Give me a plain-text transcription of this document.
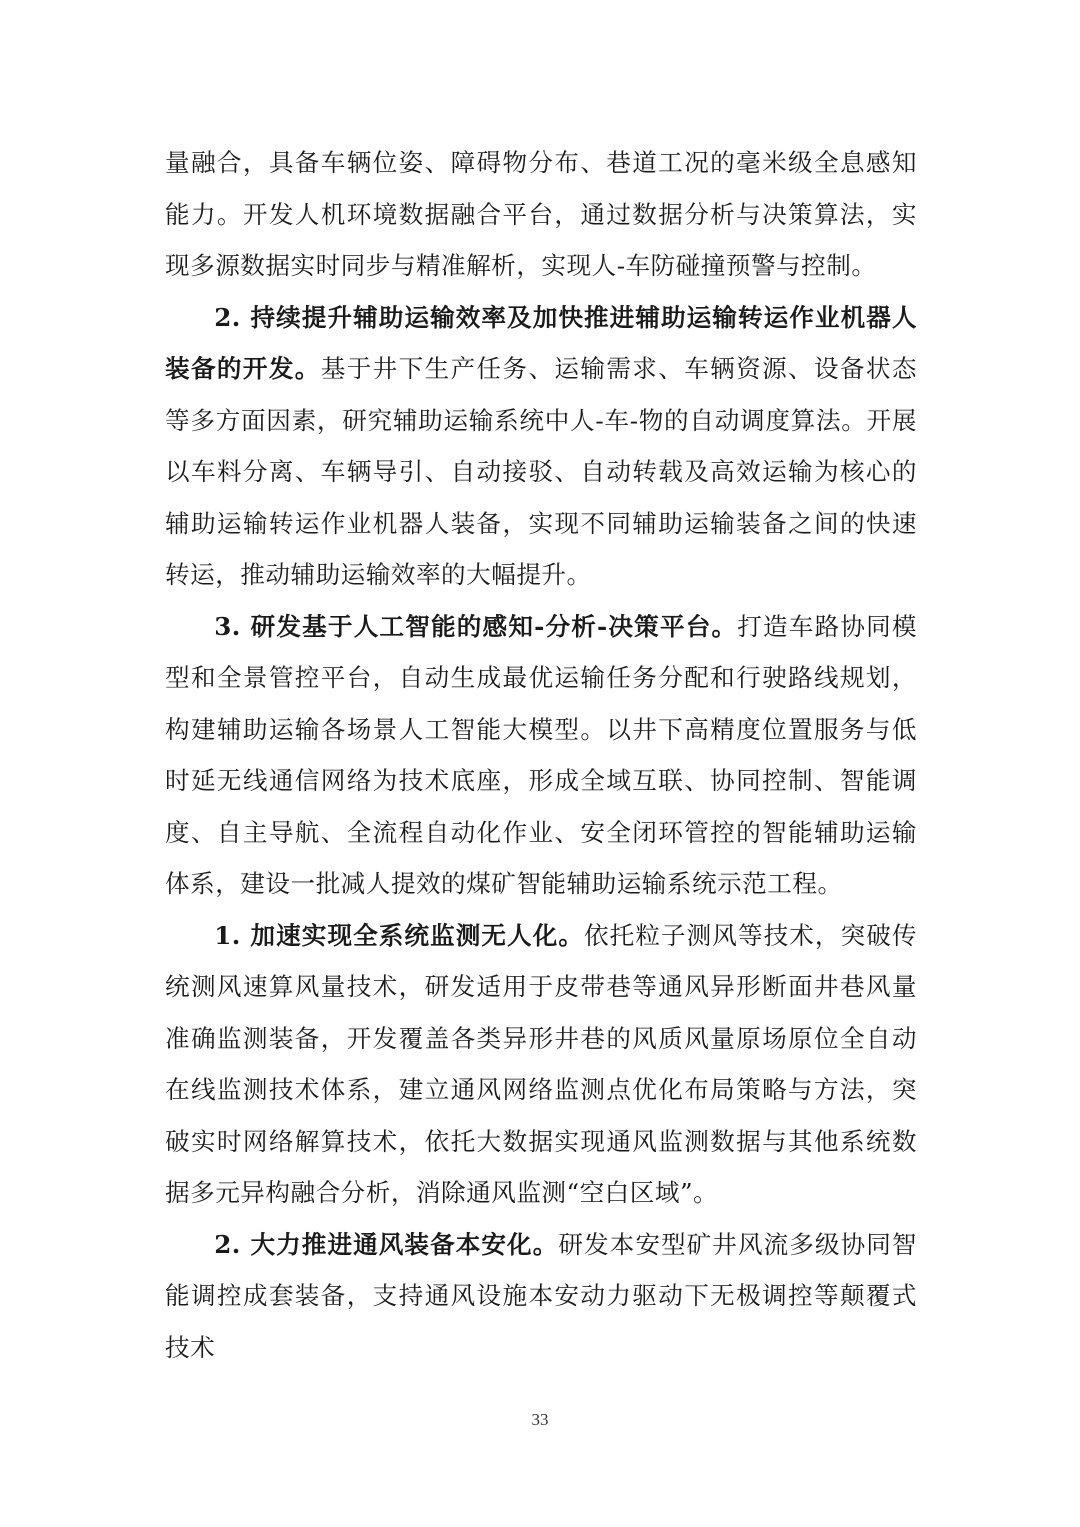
量融合，具备车辆位姿、障碍物分布、巷道工况的毫米级全息感知能力。开发人机环境数据融合平台，通过数据分析与决策算法，实现多源数据实时同步与精准解析，实现人-车防碰撞预警与控制。

2. 持续提升辅助运输效率及加快推进辅助运输转运作业机器人装备的开发。基于井下生产任务、运输需求、车辆资源、设备状态等多方面因素，研究辅助运输系统中人-车-物的自动调度算法。开展以车料分离、车辆导引、自动接驳、自动转载及高效运输为核心的辅助运输转运作业机器人装备，实现不同辅助运输装备之间的快速转运，推动辅助运输效率的大幅提升。

3. 研发基于人工智能的感知-分析-决策平台。打造车路协同模型和全景管控平台，自动生成最优运输任务分配和行驶路线规划，构建辅助运输各场景人工智能大模型。以井下高精度位置服务与低时延无线通信网络为技术底座，形成全域互联、协同控制、智能调度、自主导航、全流程自动化作业、安全闭环管控的智能辅助运输体系，建设一批减人提效的煤矿智能辅助运输系统示范工程。

1. 加速实现全系统监测无人化。依托粒子测风等技术，突破传统测风速算风量技术，研发适用于皮带巷等通风异形断面井巷风量准确监测装备，开发覆盖各类异形井巷的风质风量原场原位全自动在线监测技术体系，建立通风网络监测点优化布局策略与方法，突破实时网络解算技术，依托大数据实现通风监测数据与其他系统数据多元异构融合分析，消除通风监测“空白区域”。

2. 大力推进通风装备本安化。研发本安型矿井风流多级协同智能调控成套装备，支持通风设施本安动力驱动下无极调控等颠覆式技术

33
